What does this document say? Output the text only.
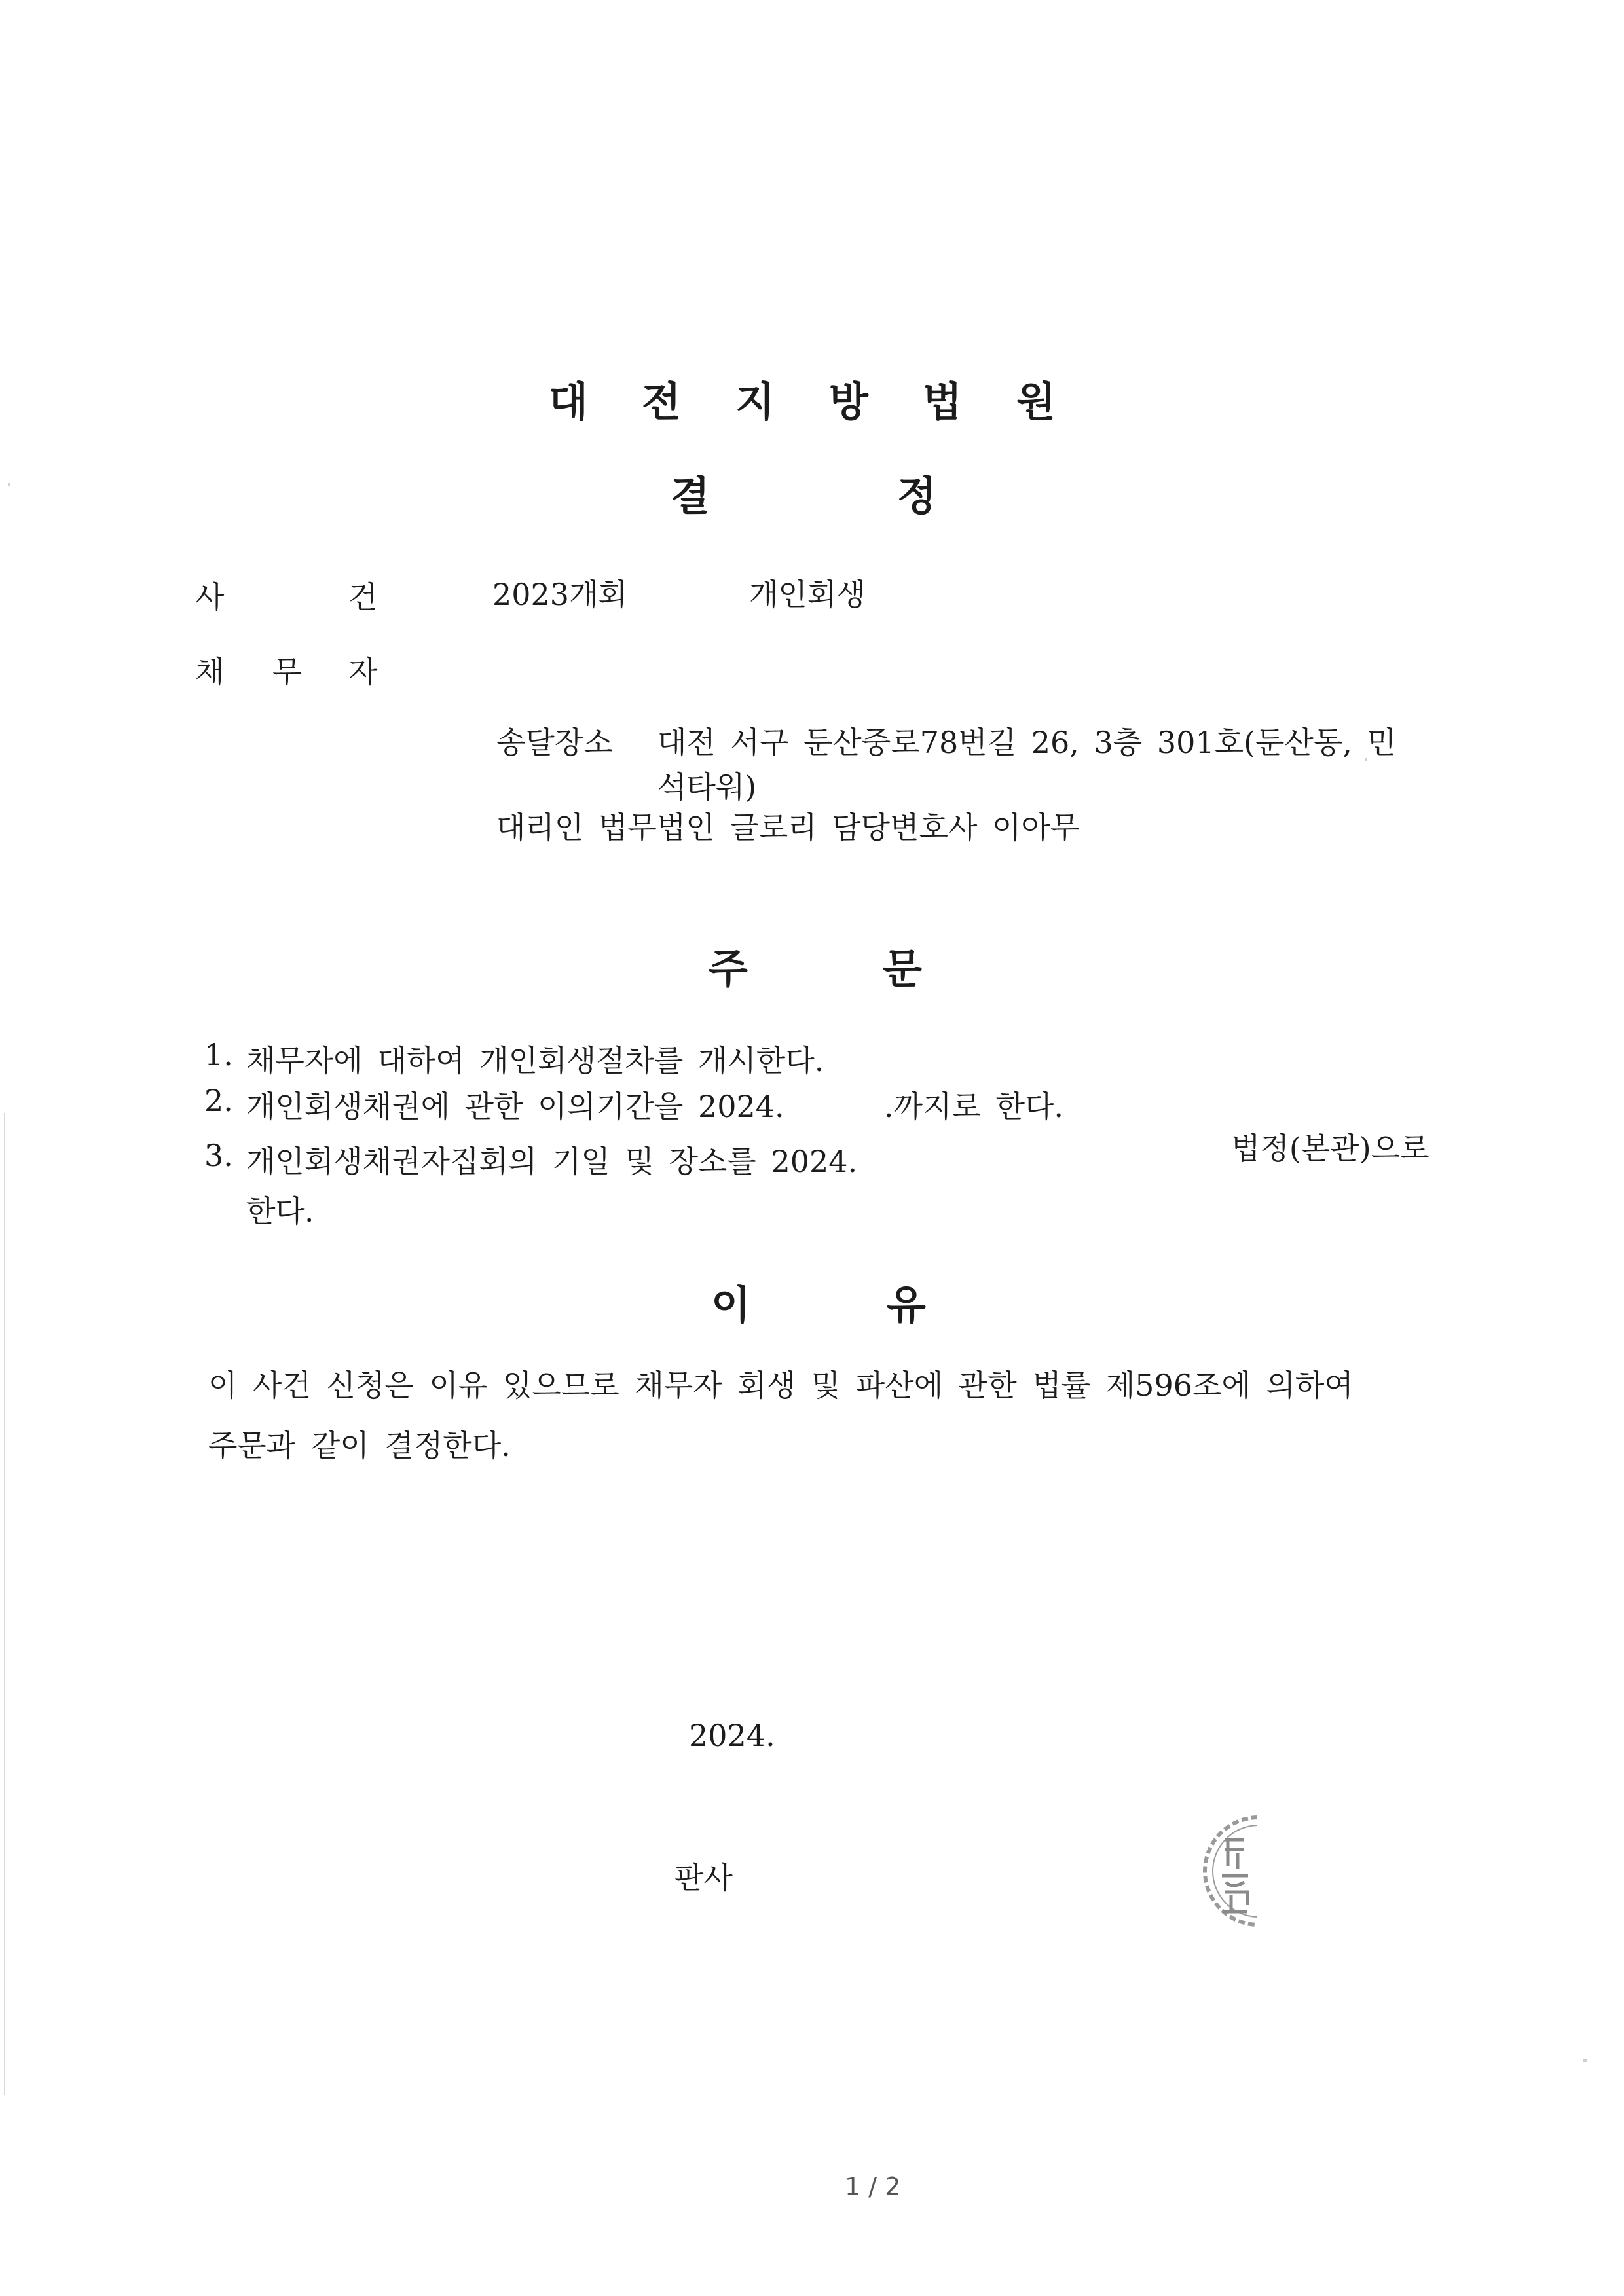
대 전 지 방 법 원
결	정
사	건	2023개회	개인회생
채 무 자
송달장소 대전 서구 둔산중로78번길 26, 3층 301호(둔산동, 민
석타워)
대리인 법무법인 글로리 담당변호사 이아무
주	문
1. 채무자에 대하여 개인회생절차를 개시한다.
2. 개인회생채권에 관한 이의기간을 2024.	.까지로 한다.
3. 개인회생채권자집회의 기일 및 장소를 2024.	법정(본관)으로
한다.
이	유
이 사건 신청은 이유 있으므로 채무자 회생 및 파산에 관한 법률 제596조에 의하여
주문과 같이 결정한다.
2024.
판사
1 / 2
